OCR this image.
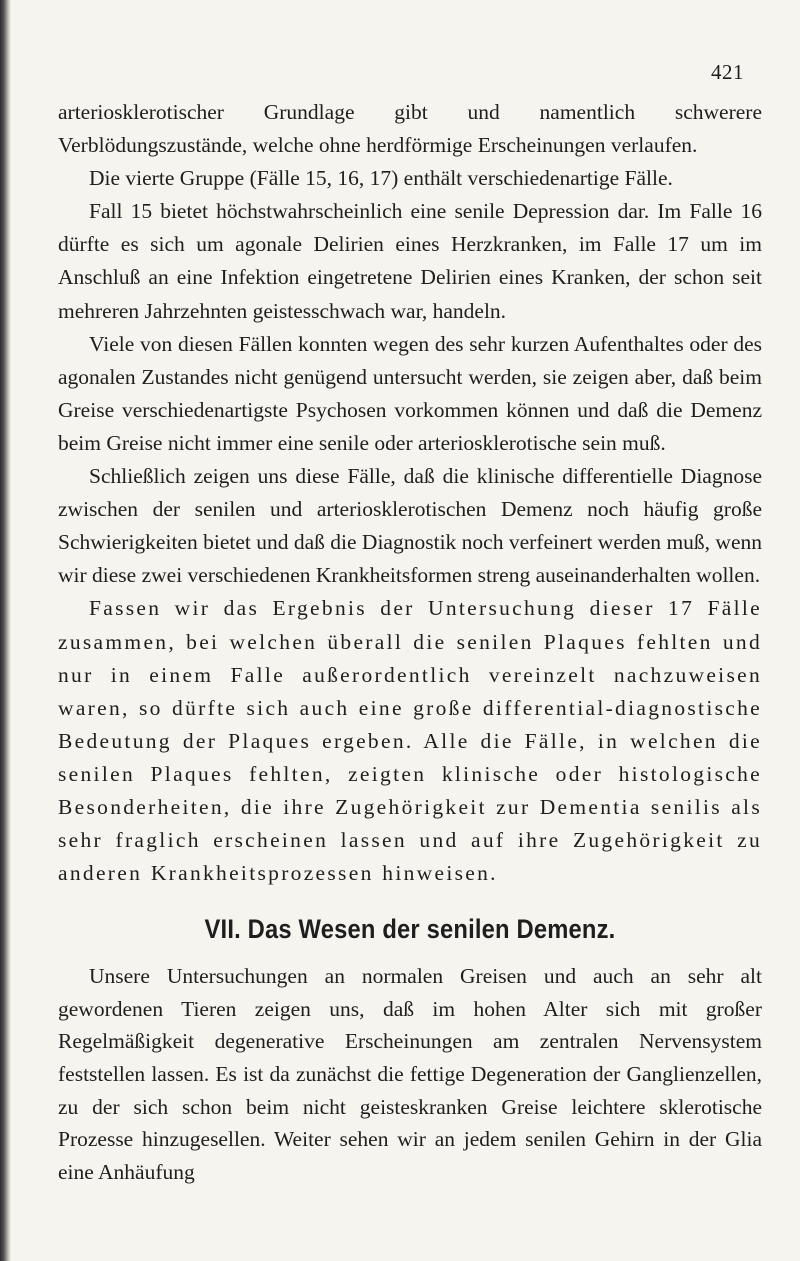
421

arteriosklerotischer Grundlage gibt und namentlich schwerere Verblödungszustände, welche ohne herdförmige Erscheinungen verlaufen.

Die vierte Gruppe (Fälle 15, 16, 17) enthält verschiedenartige Fälle.

Fall 15 bietet höchstwahrscheinlich eine senile Depression dar. Im Falle 16 dürfte es sich um agonale Delirien eines Herzkranken, im Falle 17 um im Anschluß an eine Infektion eingetretene Delirien eines Kranken, der schon seit mehreren Jahrzehnten geistesschwach war, handeln.

Viele von diesen Fällen konnten wegen des sehr kurzen Aufenthaltes oder des agonalen Zustandes nicht genügend untersucht werden, sie zeigen aber, daß beim Greise verschiedenartigste Psychosen vorkommen können und daß die Demenz beim Greise nicht immer eine senile oder arteriosklerotische sein muß.

Schließlich zeigen uns diese Fälle, daß die klinische differentielle Diagnose zwischen der senilen und arteriosklerotischen Demenz noch häufig große Schwierigkeiten bietet und daß die Diagnostik noch verfeinert werden muß, wenn wir diese zwei verschiedenen Krankheitsformen streng auseinanderhalten wollen.

Fassen wir das Ergebnis der Untersuchung dieser 17 Fälle zusammen, bei welchen überall die senilen Plaques fehlten und nur in einem Falle außerordentlich vereinzelt nachzuweisen waren, so dürfte sich auch eine große differential-diagnostische Bedeutung der Plaques ergeben. Alle die Fälle, in welchen die senilen Plaques fehlten, zeigten klinische oder histologische Besonderheiten, die ihre Zugehörigkeit zur Dementia senilis als sehr fraglich erscheinen lassen und auf ihre Zugehörigkeit zu anderen Krankheitsprozessen hinweisen.

VII. Das Wesen der senilen Demenz.

Unsere Untersuchungen an normalen Greisen und auch an sehr alt gewordenen Tieren zeigen uns, daß im hohen Alter sich mit großer Regelmäßigkeit degenerative Erscheinungen am zentralen Nervensystem feststellen lassen. Es ist da zunächst die fettige Degeneration der Ganglienzellen, zu der sich schon beim nicht geisteskranken Greise leichtere sklerotische Prozesse hinzugesellen. Weiter sehen wir an jedem senilen Gehirn in der Glia eine Anhäufung
